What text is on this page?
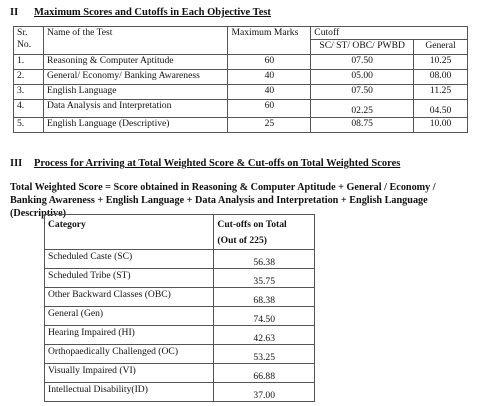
II Maximum Scores and Cutoffs in Each Objective Test
Sr.
No.	Name of the Test	Maximum Marks	Cutoff	
			SC/ ST/ OBC/ PWBD	General
1.	Reasoning & Computer Aptitude	60	07.50	10.25
2.	General/ Economy/ Banking Awareness	40	05.00	08.00
3.	English Language	40	07.50	11.25
4.	Data Analysis and Interpretation	60	02.25	04.50
5.	English Language (Descriptive)	25	08.75	10.00
III Process for Arriving at Total Weighted Score & Cut-offs on Total Weighted Scores
Total Weighted Score = Score obtained in Reasoning & Computer Aptitude + General / Economy / Banking Awareness + English Language + Data Analysis and Interpretation + English Language (Descriptive)
Category	Cut-offs on Total
(Out of 225)
Scheduled Caste (SC)	56.38
Scheduled Tribe (ST)	35.75
Other Backward Classes (OBC)	68.38
General (Gen)	74.50
Hearing Impaired (HI)	42.63
Orthopaedically Challenged (OC)	53.25
Visually Impaired (VI)	66.88
Intellectual Disability(ID)	37.00
